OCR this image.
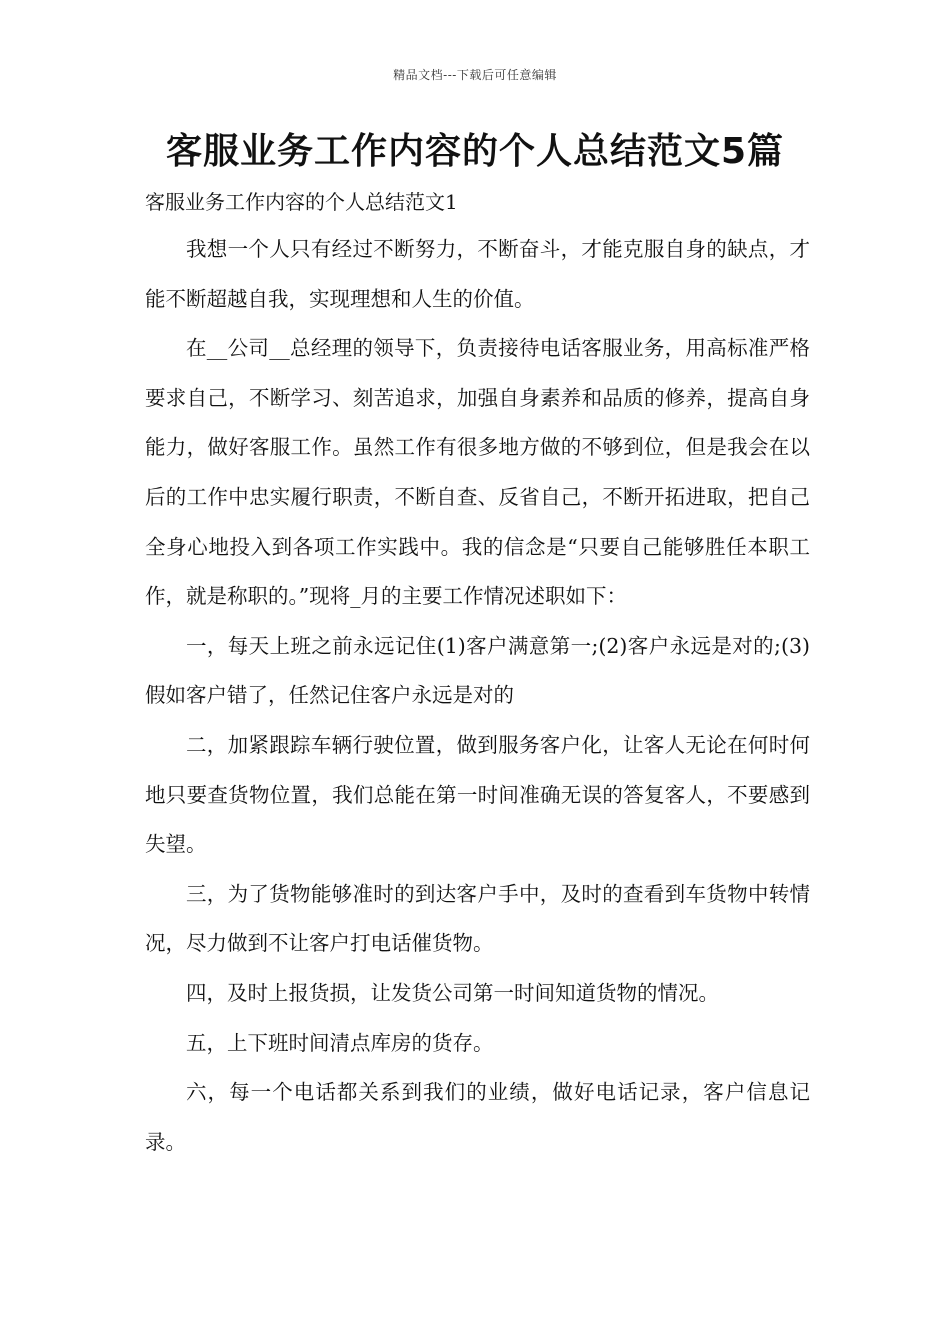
精品文档---下载后可任意编辑
客服业务工作内容的个人总结范文5篇
客服业务工作内容的个人总结范文1

我想一个人只有经过不断努力，不断奋斗，才能克服自身的缺点，才能不断超越自我，实现理想和人生的价值。

在__公司__总经理的领导下，负责接待电话客服业务，用高标准严格要求自己，不断学习、刻苦追求，加强自身素养和品质的修养，提高自身能力，做好客服工作。虽然工作有很多地方做的不够到位，但是我会在以后的工作中忠实履行职责，不断自查、反省自己，不断开拓进取，把自己全身心地投入到各项工作实践中。我的信念是“只要自己能够胜任本职工作，就是称职的。”现将_月的主要工作情况述职如下：

一，每天上班之前永远记住(1)客户满意第一;(2)客户永远是对的;(3)假如客户错了，任然记住客户永远是对的

二，加紧跟踪车辆行驶位置，做到服务客户化，让客人无论在何时何地只要查货物位置，我们总能在第一时间准确无误的答复客人，不要感到失望。

三，为了货物能够准时的到达客户手中，及时的查看到车货物中转情况，尽力做到不让客户打电话催货物。

四，及时上报货损，让发货公司第一时间知道货物的情况。

五，上下班时间清点库房的货存。

六，每一个电话都关系到我们的业绩，做好电话记录，客户信息记录。
